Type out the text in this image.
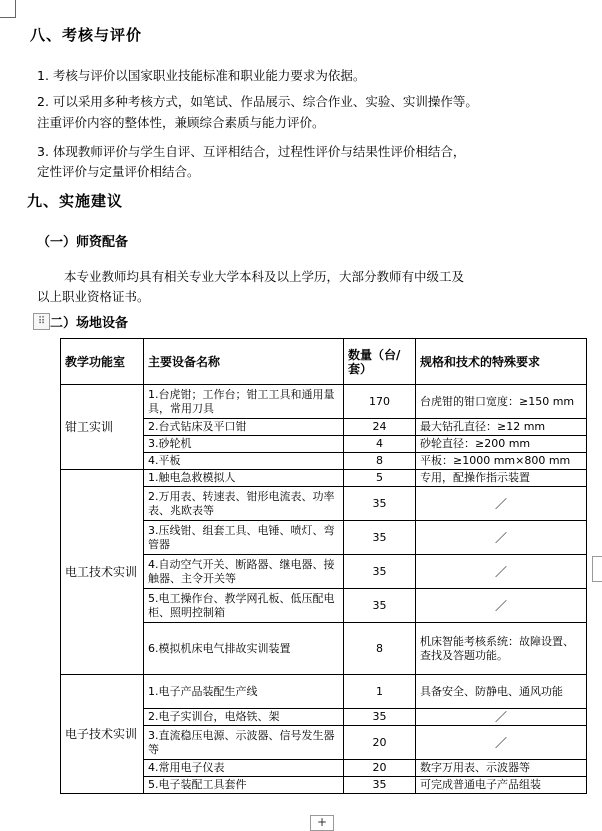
八、考核与评价
1. 考核与评价以国家职业技能标准和职业能力要求为依据。
2. 可以采用多种考核方式，如笔试、作品展示、综合作业、实验、实训操作等。
注重评价内容的整体性，兼顾综合素质与能力评价。
3. 体现教师评价与学生自评、互评相结合，过程性评价与结果性评价相结合，
定性评价与定量评价相结合。
九、实施建议
（一）师资配备
本专业教师均具有相关专业大学本科及以上学历，大部分教师有中级工及
以上职业资格证书。
⠿ 二）场地设备
教学功能室	主要设备名称	数量（台/套）	规格和技术的特殊要求
钳工实训	1.台虎钳；工作台；钳工工具和通用量具，常用刀具	170	台虎钳的钳口宽度：≥150 mm
	2.台式钻床及平口钳	24	最大钻孔直径：≥12 mm
	3.砂轮机	4	砂轮直径：≥200 mm
	4.平板	8	平板：≥1000 mm×800 mm
电工技术实训	1.触电急救模拟人	5	专用，配操作指示装置
	2.万用表、转速表、钳形电流表、功率表、兆欧表等	35	／
	3.压线钳、组套工具、电锤、喷灯、弯管器	35	／
	4.自动空气开关、断路器、继电器、接触器、主令开关等	35	／
	5.电工操作台、教学网孔板、低压配电柜、照明控制箱	35	／
	6.模拟机床电气排故实训装置	8	机床智能考核系统：故障设置、查找及答题功能。
电子技术实训	1.电子产品装配生产线	1	具备安全、防静电、通风功能
	2.电子实训台，电烙铁、架	35	／
	3.直流稳压电源、示波器、信号发生器等	20	／
	4.常用电子仪表	20	数字万用表、示波器等
	5.电子装配工具套件	35	可完成普通电子产品组装
+
